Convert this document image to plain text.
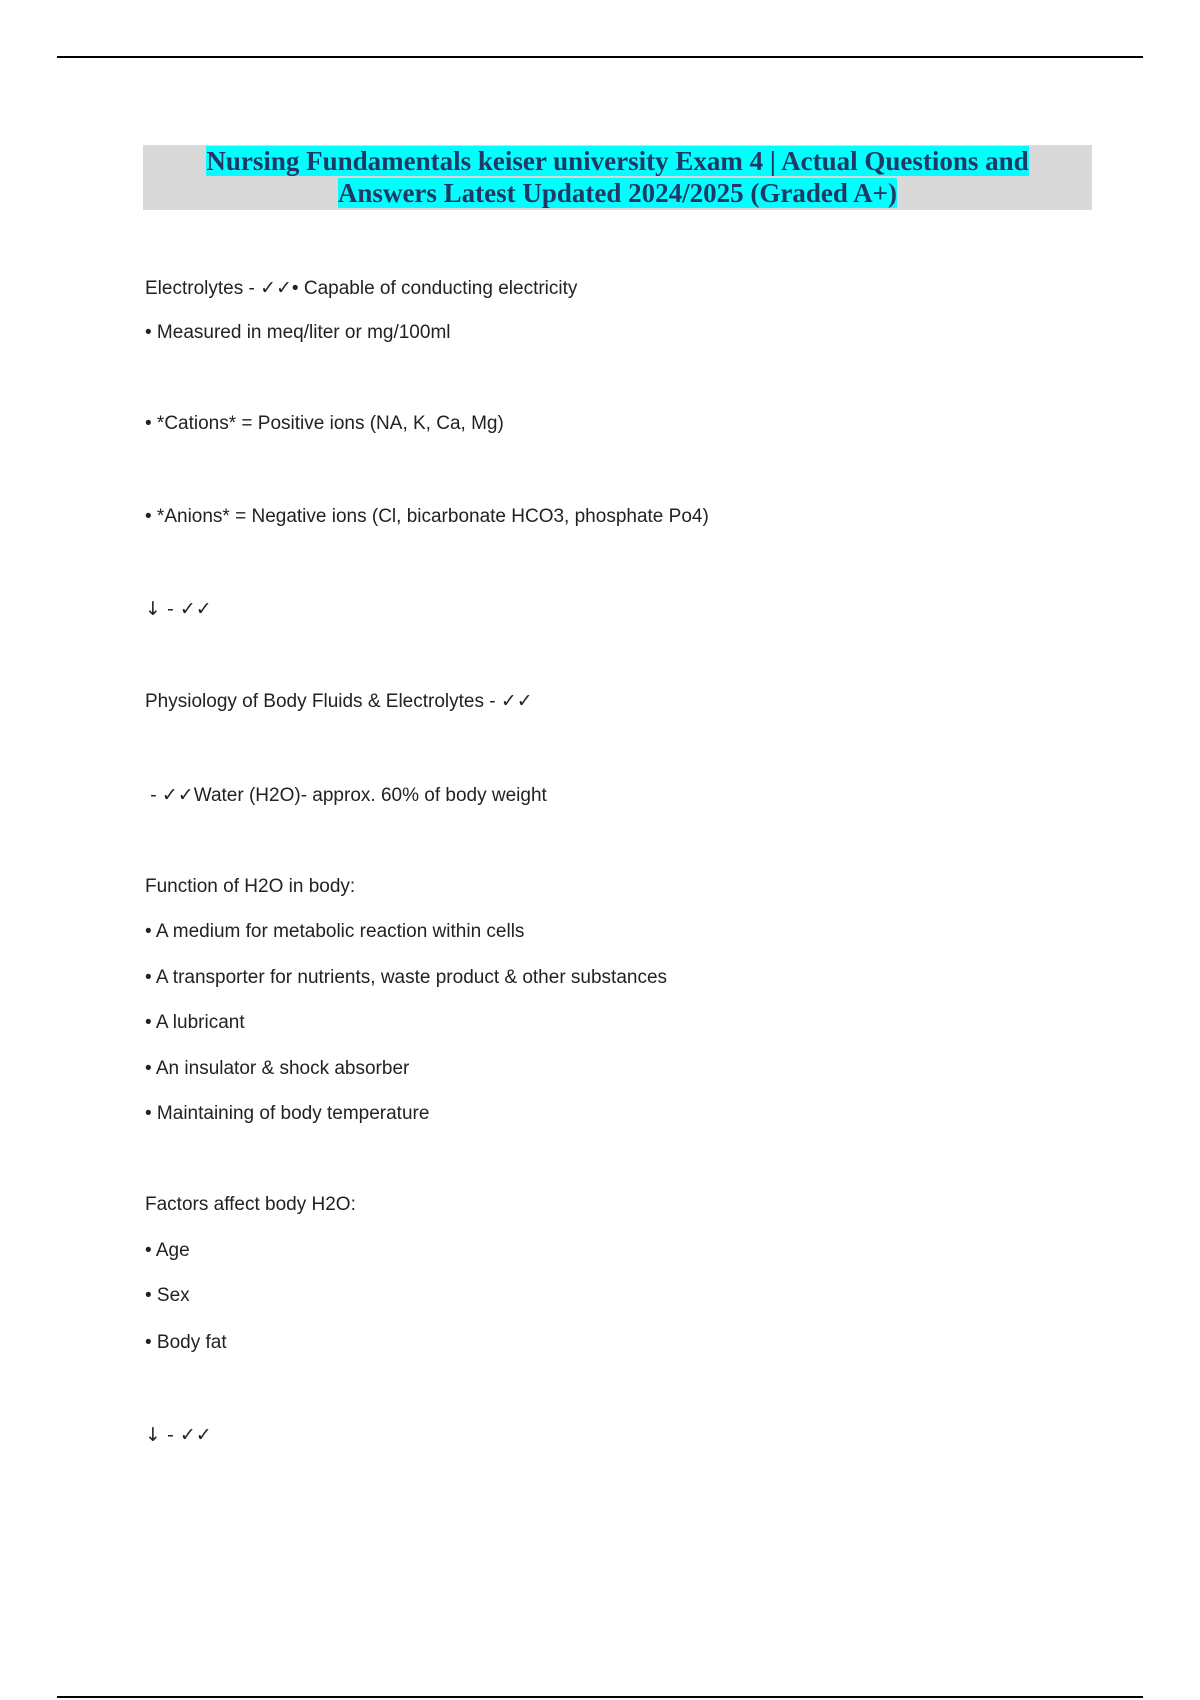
Nursing Fundamentals keiser university Exam 4 | Actual Questions and
Answers Latest Updated 2024/2025 (Graded A+)
Electrolytes - ✓✓• Capable of conducting electricity
• Measured in meq/liter or mg/100ml
• *Cations* = Positive ions (NA, K, Ca, Mg)
• *Anions* = Negative ions (Cl, bicarbonate HCO3, phosphate Po4)
↓ - ✓✓
Physiology of Body Fluids & Electrolytes - ✓✓
- ✓✓Water (H2O)- approx. 60% of body weight
Function of H2O in body:
• A medium for metabolic reaction within cells
• A transporter for nutrients, waste product & other substances
• A lubricant
• An insulator & shock absorber
• Maintaining of body temperature
Factors affect body H2O:
• Age
• Sex
• Body fat
↓ - ✓✓
